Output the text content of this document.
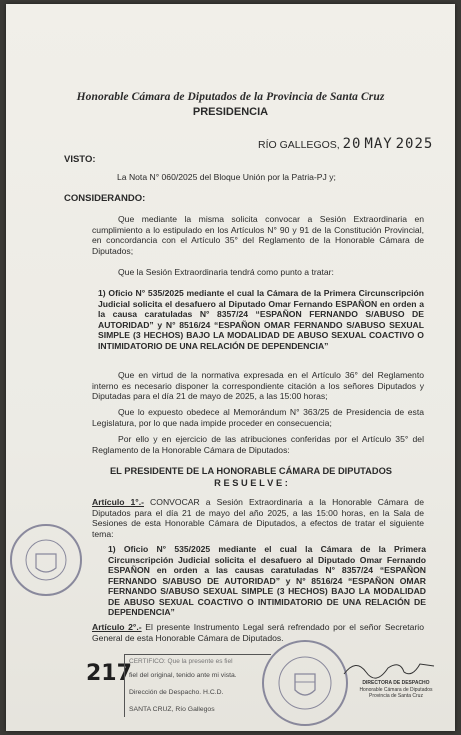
Honorable Cámara de Diputados de la Provincia de Santa Cruz
PRESIDENCIA
RÍO GALLEGOS, 20 MAY 2025
VISTO:
La Nota N° 060/2025 del Bloque Unión por la Patria-PJ y;
CONSIDERANDO:
Que mediante la misma solicita convocar a Sesión Extraordinaria en cumplimiento a lo estipulado en los Artículos N° 90 y 91 de la Constitución Provincial, en concordancia con el Artículo 35° del Reglamento de la Honorable Cámara de Diputados;
Que la Sesión Extraordinaria tendrá como punto a tratar:
1) Oficio N° 535/2025 mediante el cual la Cámara de la Primera Circunscripción Judicial solicita el desafuero al Diputado Omar Fernando ESPAÑON en orden a la causa caratuladas N° 8357/24 “ESPAÑON FERNANDO S/ABUSO DE AUTORIDAD” y N° 8516/24 “ESPAÑON OMAR FERNANDO S/ABUSO SEXUAL SIMPLE (3 HECHOS) BAJO LA MODALIDAD DE ABUSO SEXUAL COACTIVO O INTIMIDATORIO DE UNA RELACIÓN DE DEPENDENCIA”
Que en virtud de la normativa expresada en el Artículo 36° del Reglamento interno es necesario disponer la correspondiente citación a los señores Diputados y Diputadas para el día 21 de mayo de 2025, a las 15:00 horas;
Que lo expuesto obedece al Memorándum N° 363/25 de Presidencia de esta Legislatura, por lo que nada impide proceder en consecuencia;
Por ello y en ejercicio de las atribuciones conferidas por el Artículo 35° del Reglamento de la Honorable Cámara de Diputados:
EL PRESIDENTE DE LA HONORABLE CÁMARA DE DIPUTADOS
R E S U E L V E :
Artículo 1°.- CONVOCAR a Sesión Extraordinaria a la Honorable Cámara de Diputados para el día 21 de mayo del año 2025, a las 15:00 horas, en la Sala de Sesiones de esta Honorable Cámara de Diputados, a efectos de tratar el siguiente tema:
1) Oficio N° 535/2025 mediante el cual la Cámara de la Primera Circunscripción Judicial solicita el desafuero al Diputado Omar Fernando ESPAÑON en orden a las causas caratuladas N° 8357/24 “ESPAÑON FERNANDO S/ABUSO DE AUTORIDAD” y N° 8516/24 “ESPAÑON OMAR FERNANDO S/ABUSO SEXUAL SIMPLE (3 HECHOS) BAJO LA MODALIDAD DE ABUSO SEXUAL COACTIVO O INTIMIDATORIO DE UNA RELACIÓN DE DEPENDENCIA”
Artículo 2°.- El presente Instrumento Legal será refrendado por el señor Secretario General de esta Honorable Cámara de Diputados.
217
CERTIFICO: Que la presente es fiel
fiel del original, tenido ante mi vista.
Dirección de Despacho. H.C.D.
SANTA CRUZ, Río Gallegos
DIRECTORA DE DESPACHO
Honorable Cámara de Diputados
Provincia de Santa Cruz
